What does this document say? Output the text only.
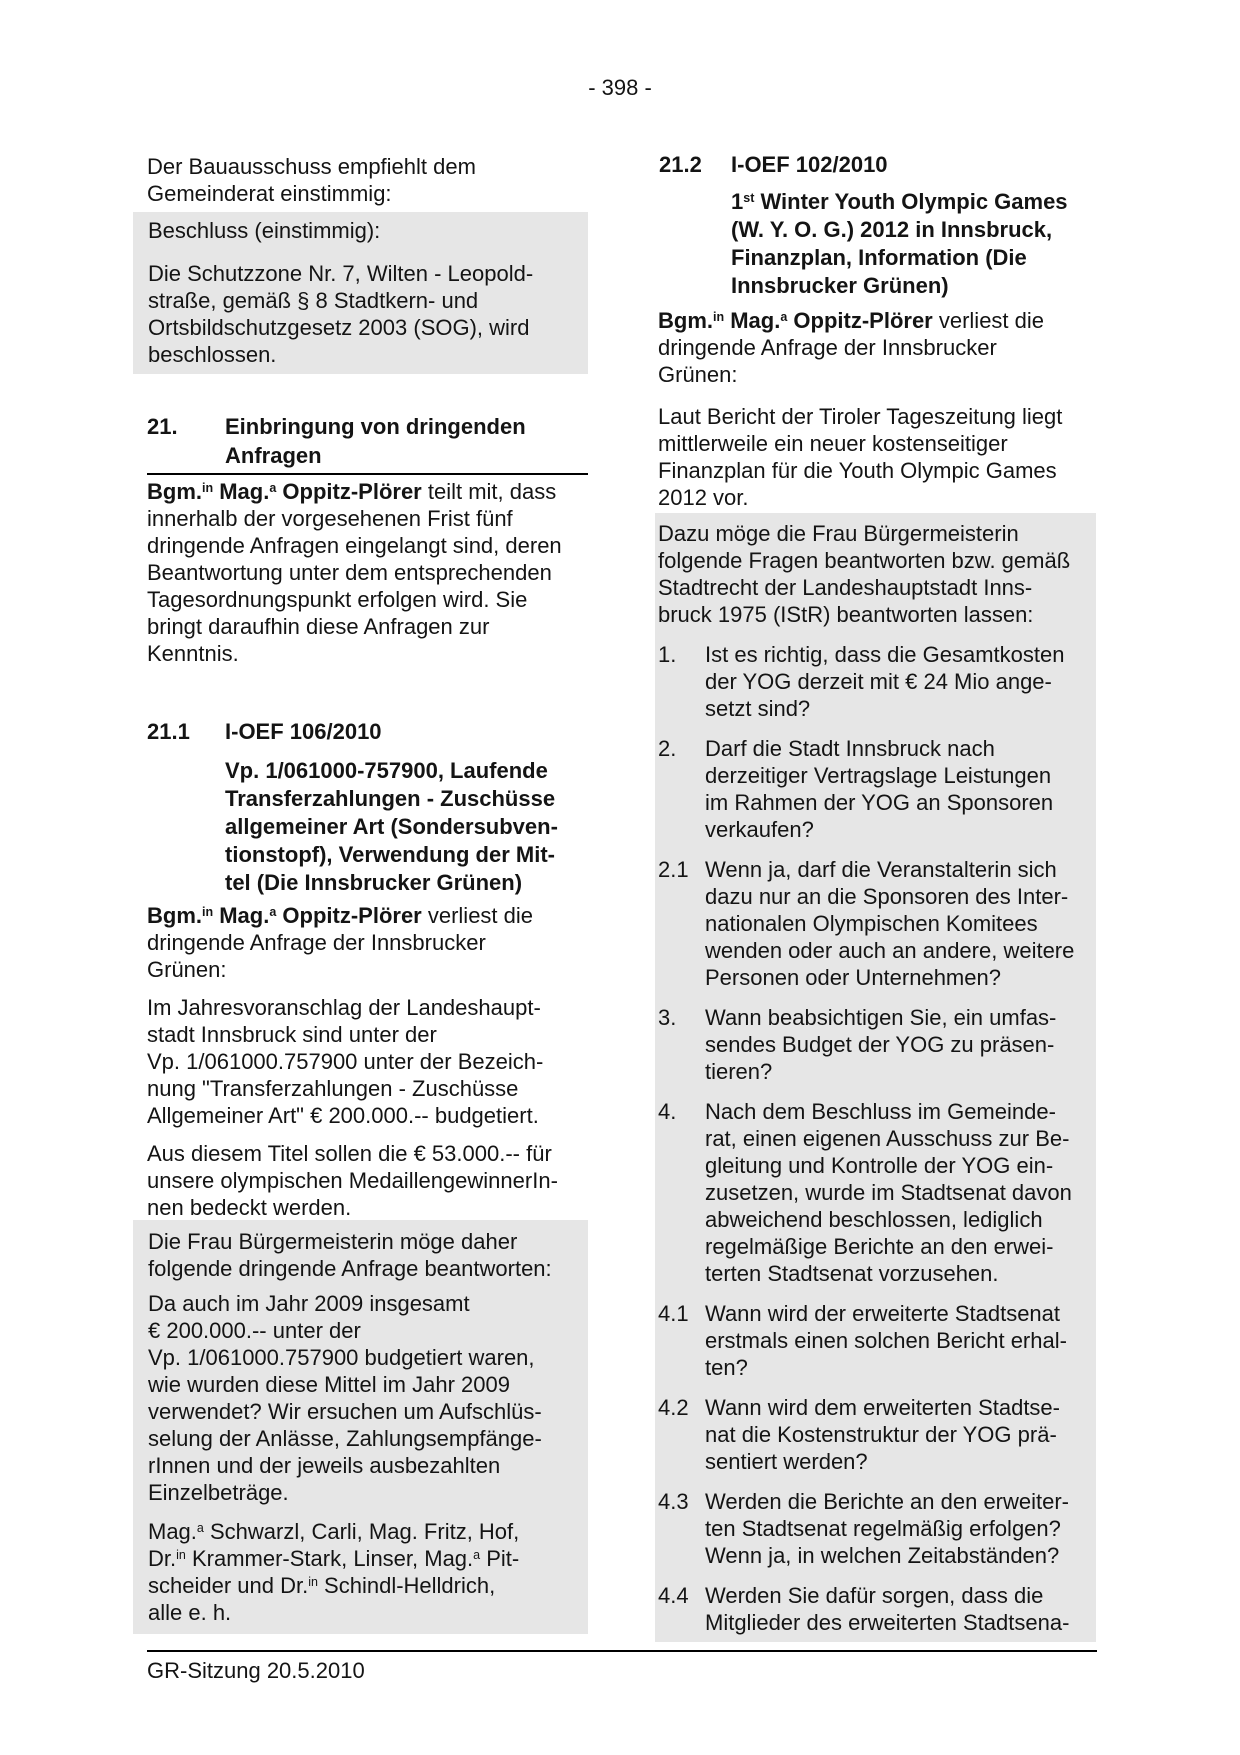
- 398 -
Der Bauausschuss empfiehlt dem
Gemeinderat einstimmig:
Beschluss (einstimmig):
Die Schutzzone Nr. 7, Wilten - Leopold-
straße, gemäß § 8 Stadtkern- und
Ortsbildschutzgesetz 2003 (SOG), wird
beschlossen.
21.	Einbringung von dringenden
Anfragen
Bgm.$^{in}$ Mag.$^a$ Oppitz-Plörer teilt mit, dass
innerhalb der vorgesehenen Frist fünf
dringende Anfragen eingelangt sind, deren
Beantwortung unter dem entsprechenden
Tagesordnungspunkt erfolgen wird. Sie
bringt daraufhin diese Anfragen zur
Kenntnis.
21.1	I-OEF 106/2010
Vp. 1/061000-757900, Laufende
Transferzahlungen - Zuschüsse
allgemeiner Art (Sondersubven-
tionstopf), Verwendung der Mit-
tel (Die Innsbrucker Grünen)
Bgm.$^{in}$ Mag.$^a$ Oppitz-Plörer verliest die
dringende Anfrage der Innsbrucker
Grünen:
Im Jahresvoranschlag der Landeshaupt-
stadt Innsbruck sind unter der
Vp. 1/061000.757900 unter der Bezeich-
nung "Transferzahlungen - Zuschüsse
Allgemeiner Art" € 200.000.-- budgetiert.
Aus diesem Titel sollen die € 53.000.-- für
unsere olympischen MedaillengewinnerIn-
nen bedeckt werden.
Die Frau Bürgermeisterin möge daher
folgende dringende Anfrage beantworten:
Da auch im Jahr 2009 insgesamt
€ 200.000.-- unter der
Vp. 1/061000.757900 budgetiert waren,
wie wurden diese Mittel im Jahr 2009
verwendet? Wir ersuchen um Aufschlüs-
selung der Anlässe, Zahlungsempfänge-
rInnen und der jeweils ausbezahlten
Einzelbeträge.
Mag.$^a$ Schwarzl, Carli, Mag. Fritz, Hof,
Dr.$^{in}$ Krammer-Stark, Linser, Mag.$^a$ Pit-
scheider und Dr.$^{in}$ Schindl-Helldrich,
alle e. h.
21.2	I-OEF 102/2010
1st Winter Youth Olympic Games
(W. Y. O. G.) 2012 in Innsbruck,
Finanzplan, Information (Die
Innsbrucker Grünen)
Bgm.$^{in}$ Mag.$^a$ Oppitz-Plörer verliest die
dringende Anfrage der Innsbrucker
Grünen:
Laut Bericht der Tiroler Tageszeitung liegt
mittlerweile ein neuer kostenseitiger
Finanzplan für die Youth Olympic Games
2012 vor.
Dazu möge die Frau Bürgermeisterin
folgende Fragen beantworten bzw. gemäß
Stadtrecht der Landeshauptstadt Inns-
bruck 1975 (IStR) beantworten lassen:
1.	Ist es richtig, dass die Gesamtkosten
der YOG derzeit mit € 24 Mio ange-
setzt sind?
2.	Darf die Stadt Innsbruck nach
derzeitiger Vertragslage Leistungen
im Rahmen der YOG an Sponsoren
verkaufen?
2.1 Wenn ja, darf die Veranstalterin sich
dazu nur an die Sponsoren des Inter-
nationalen Olympischen Komitees
wenden oder auch an andere, weitere
Personen oder Unternehmen?
3.	Wann beabsichtigen Sie, ein umfas-
sendes Budget der YOG zu präsen-
tieren?
4.	Nach dem Beschluss im Gemeinde-
rat, einen eigenen Ausschuss zur Be-
gleitung und Kontrolle der YOG ein-
zusetzen, wurde im Stadtsenat davon
abweichend beschlossen, lediglich
regelmäßige Berichte an den erwei-
terten Stadtsenat vorzusehen.
4.1 Wann wird der erweiterte Stadtsenat
erstmals einen solchen Bericht erhal-
ten?
4.2 Wann wird dem erweiterten Stadtse-
nat die Kostenstruktur der YOG prä-
sentiert werden?
4.3 Werden die Berichte an den erweiter-
ten Stadtsenat regelmäßig erfolgen?
Wenn ja, in welchen Zeitabständen?
4.4 Werden Sie dafür sorgen, dass die
Mitglieder des erweiterten Stadtsena-
GR-Sitzung 20.5.2010
